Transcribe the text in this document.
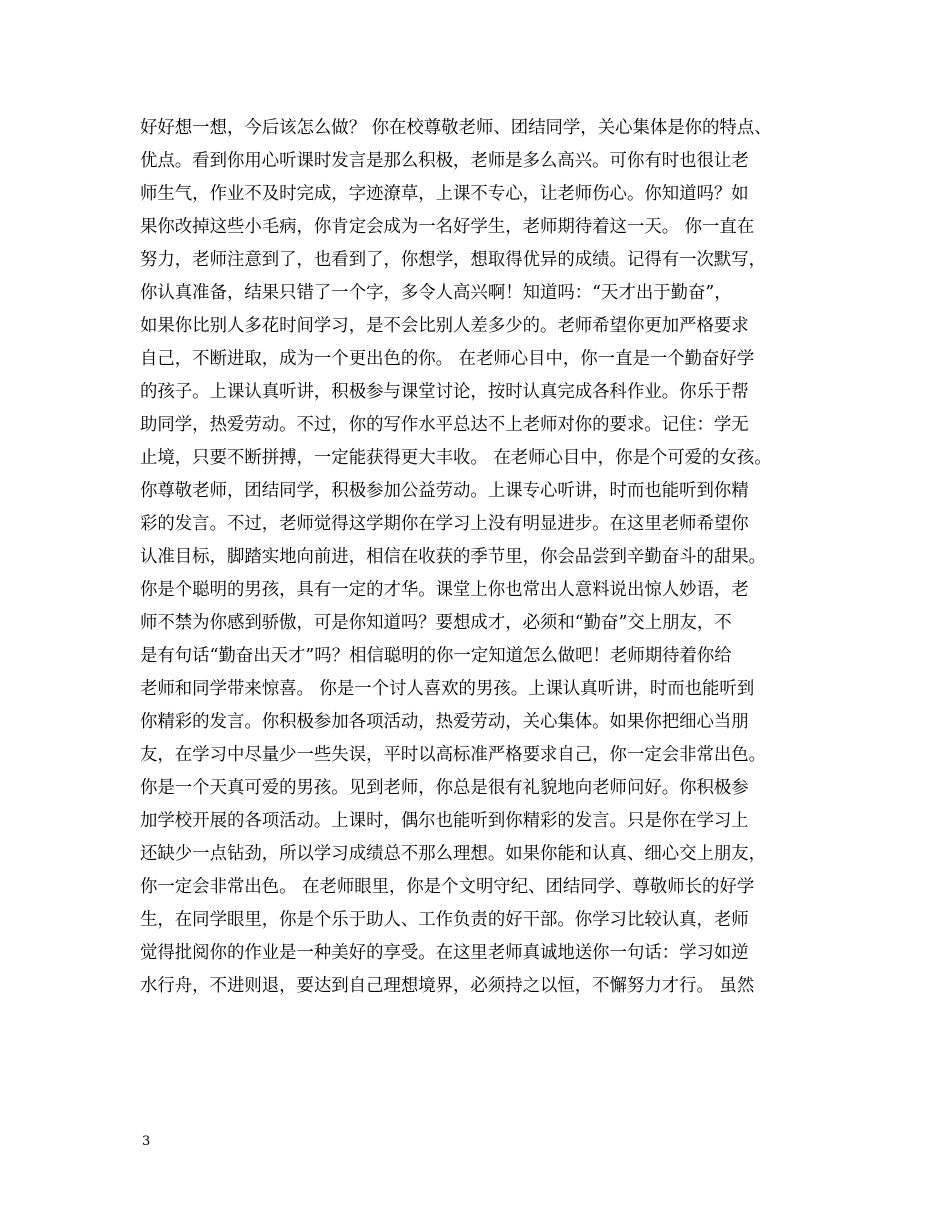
好好想一想，今后该怎么做？ 你在校尊敬老师、团结同学，关心集体是你的特点、
优点。看到你用心听课时发言是那么积极，老师是多么高兴。可你有时也很让老
师生气，作业不及时完成，字迹潦草，上课不专心，让老师伤心。你知道吗？如
果你改掉这些小毛病，你肯定会成为一名好学生，老师期待着这一天。 你一直在
努力，老师注意到了，也看到了，你想学，想取得优异的成绩。记得有一次默写，
你认真准备，结果只错了一个字，多令人高兴啊！知道吗：“天才出于勤奋”，
如果你比别人多花时间学习，是不会比别人差多少的。老师希望你更加严格要求
自己，不断进取，成为一个更出色的你。 在老师心目中，你一直是一个勤奋好学
的孩子。上课认真听讲，积极参与课堂讨论，按时认真完成各科作业。你乐于帮
助同学，热爱劳动。不过，你的写作水平总达不上老师对你的要求。记住：学无
止境，只要不断拼搏，一定能获得更大丰收。 在老师心目中，你是个可爱的女孩。
你尊敬老师，团结同学，积极参加公益劳动。上课专心听讲，时而也能听到你精
彩的发言。不过，老师觉得这学期你在学习上没有明显进步。在这里老师希望你
认准目标，脚踏实地向前进，相信在收获的季节里，你会品尝到辛勤奋斗的甜果。
你是个聪明的男孩，具有一定的才华。课堂上你也常出人意料说出惊人妙语，老
师不禁为你感到骄傲，可是你知道吗？要想成才，必须和“勤奋”交上朋友，不
是有句话“勤奋出天才”吗？相信聪明的你一定知道怎么做吧！老师期待着你给
老师和同学带来惊喜。 你是一个讨人喜欢的男孩。上课认真听讲，时而也能听到
你精彩的发言。你积极参加各项活动，热爱劳动，关心集体。如果你把细心当朋
友，在学习中尽量少一些失误，平时以高标准严格要求自己，你一定会非常出色。
你是一个天真可爱的男孩。见到老师，你总是很有礼貌地向老师问好。你积极参
加学校开展的各项活动。上课时，偶尔也能听到你精彩的发言。只是你在学习上
还缺少一点钻劲，所以学习成绩总不那么理想。如果你能和认真、细心交上朋友，
你一定会非常出色。 在老师眼里，你是个文明守纪、团结同学、尊敬师长的好学
生，在同学眼里，你是个乐于助人、工作负责的好干部。你学习比较认真，老师
觉得批阅你的作业是一种美好的享受。在这里老师真诚地送你一句话：学习如逆
水行舟，不进则退，要达到自己理想境界，必须持之以恒，不懈努力才行。 虽然
3
